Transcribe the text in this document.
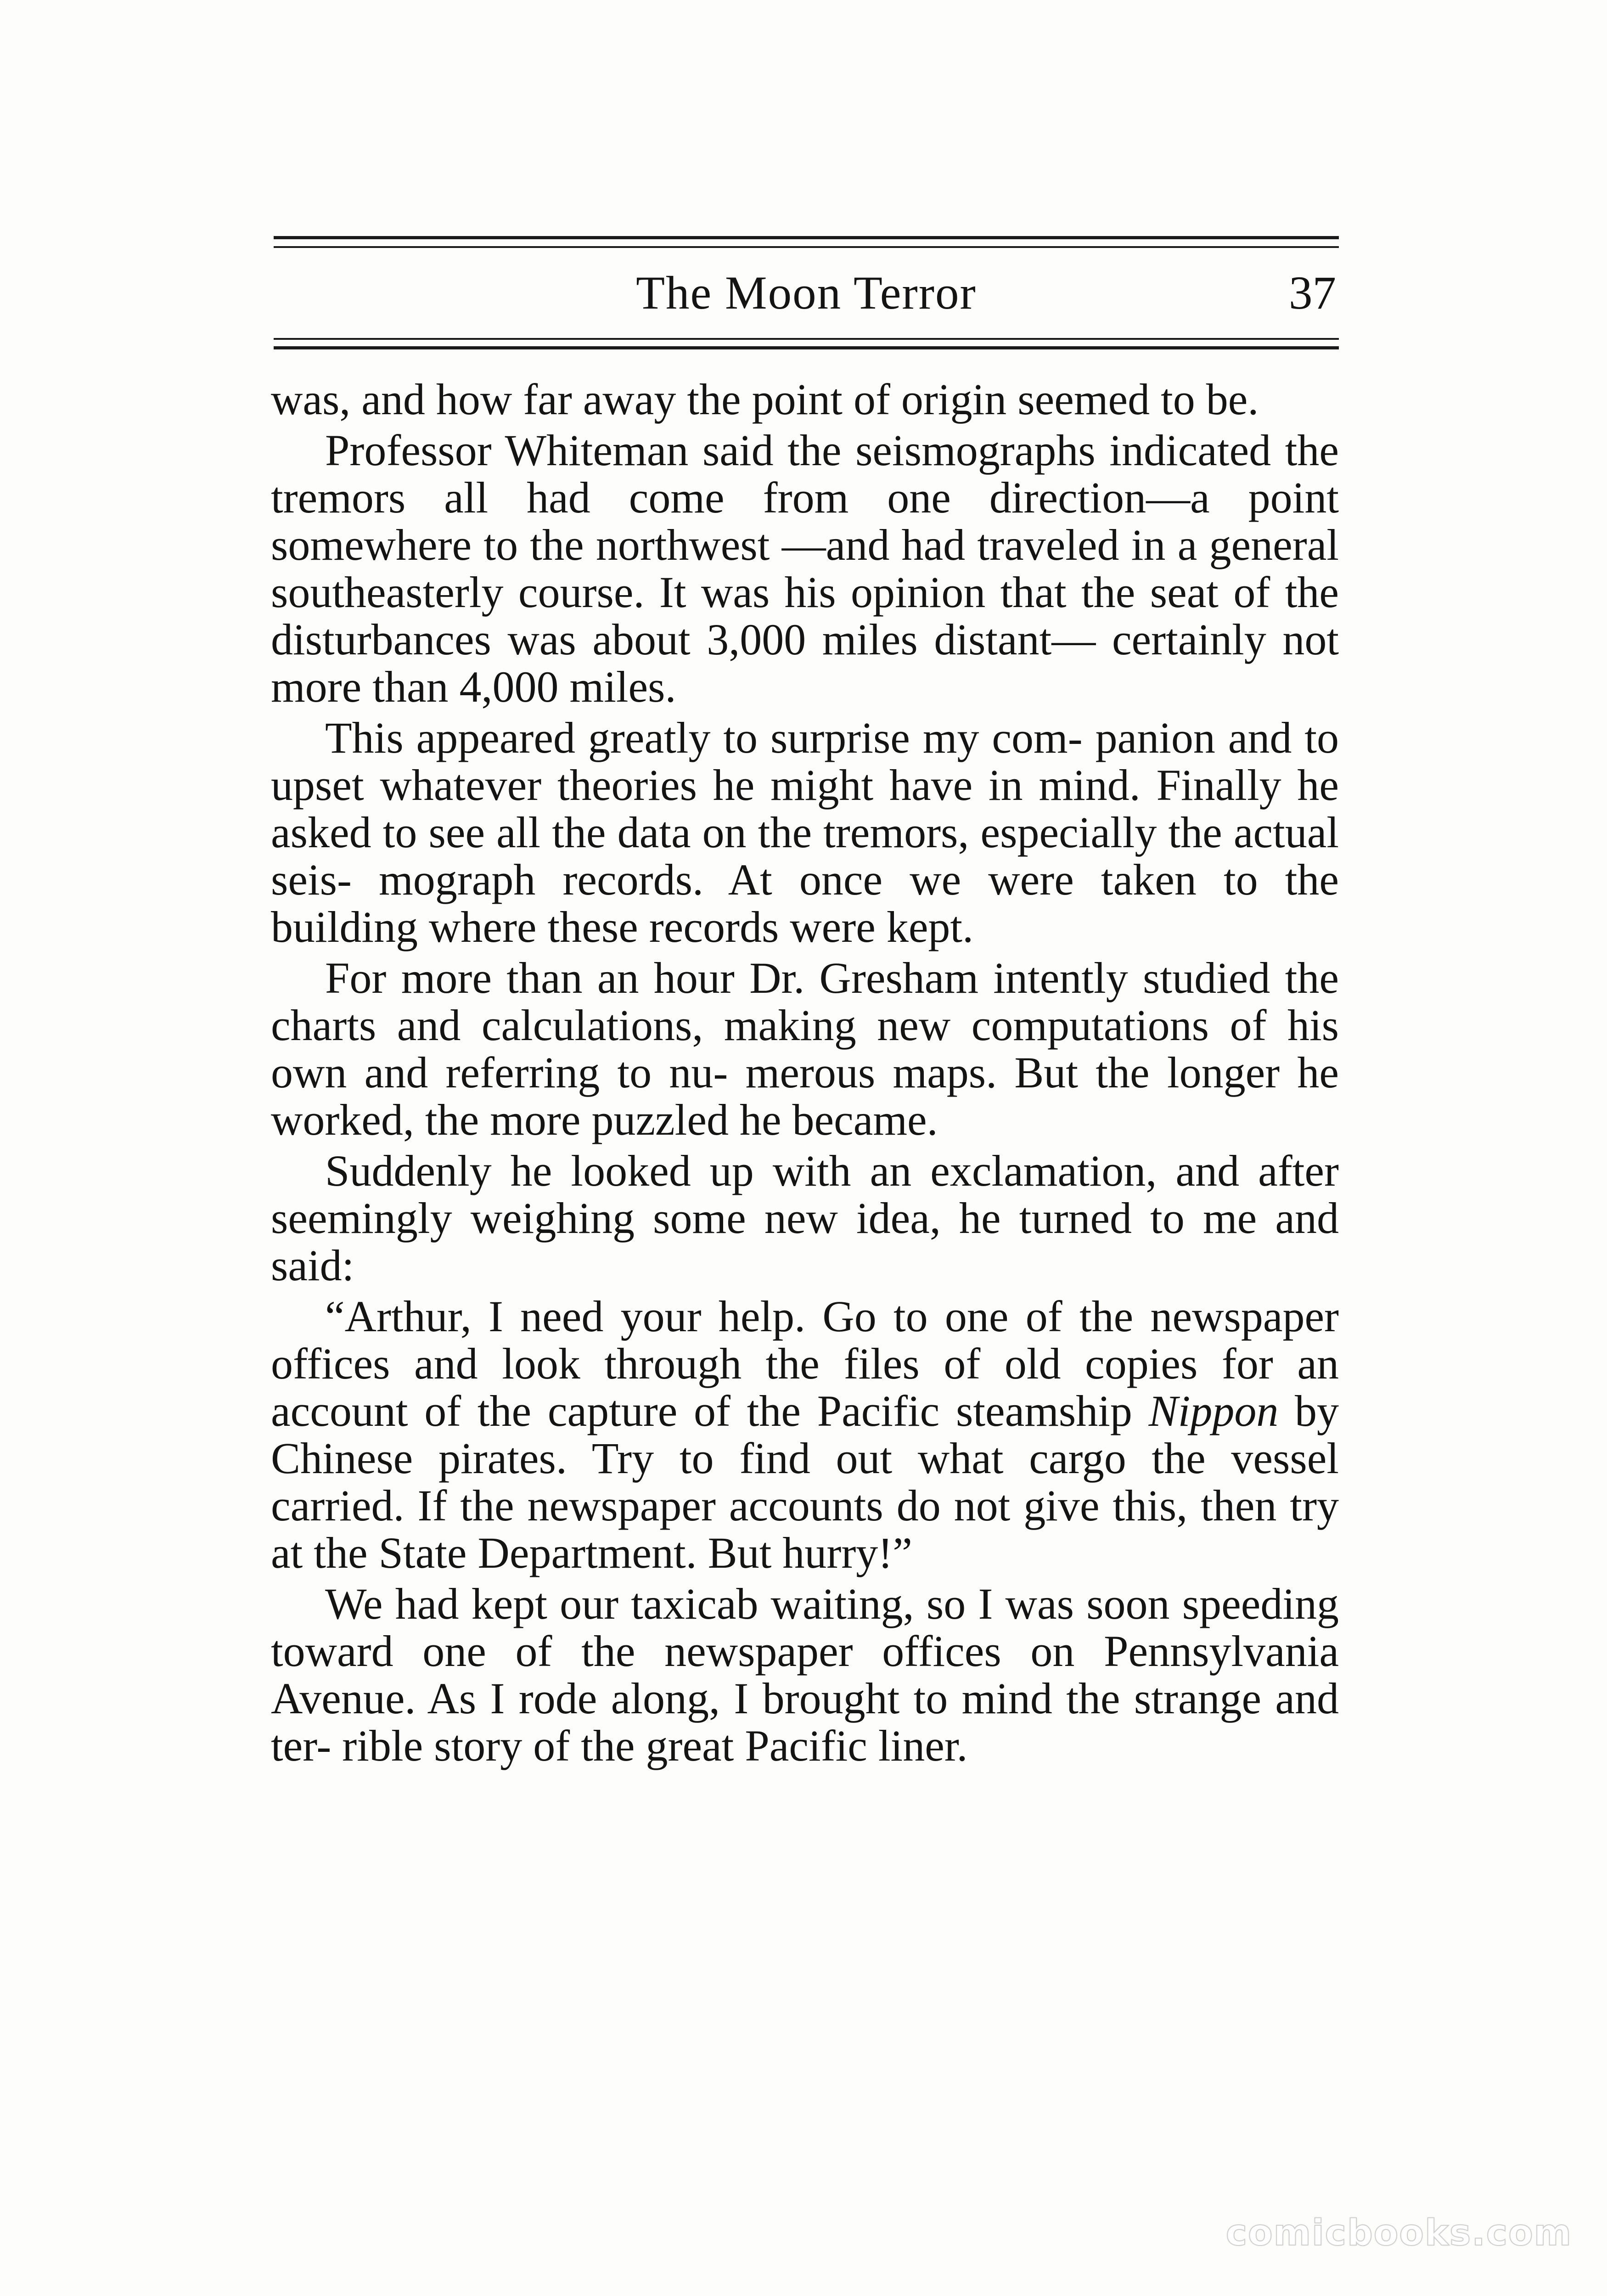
The Moon Terror	37

was, and how far away the point of origin seemed to be.

Professor Whiteman said the seismographs indicated the tremors all had come from one direction—a point somewhere to the northwest —and had traveled in a general southeasterly course. It was his opinion that the seat of the disturbances was about 3,000 miles distant— certainly not more than 4,000 miles.

This appeared greatly to surprise my com- panion and to upset whatever theories he might have in mind. Finally he asked to see all the data on the tremors, especially the actual seis- mograph records. At once we were taken to the building where these records were kept.

For more than an hour Dr. Gresham intently studied the charts and calculations, making new computations of his own and referring to nu- merous maps. But the longer he worked, the more puzzled he became.

Suddenly he looked up with an exclamation, and after seemingly weighing some new idea, he turned to me and said:

“Arthur, I need your help. Go to one of the newspaper offices and look through the files of old copies for an account of the capture of the Pacific steamship Nippon by Chinese pirates. Try to find out what cargo the vessel carried. If the newspaper accounts do not give this, then try at the State Department. But hurry!”

We had kept our taxicab waiting, so I was soon speeding toward one of the newspaper offices on Pennsylvania Avenue. As I rode along, I brought to mind the strange and ter- rible story of the great Pacific liner.

comicbooks.com
